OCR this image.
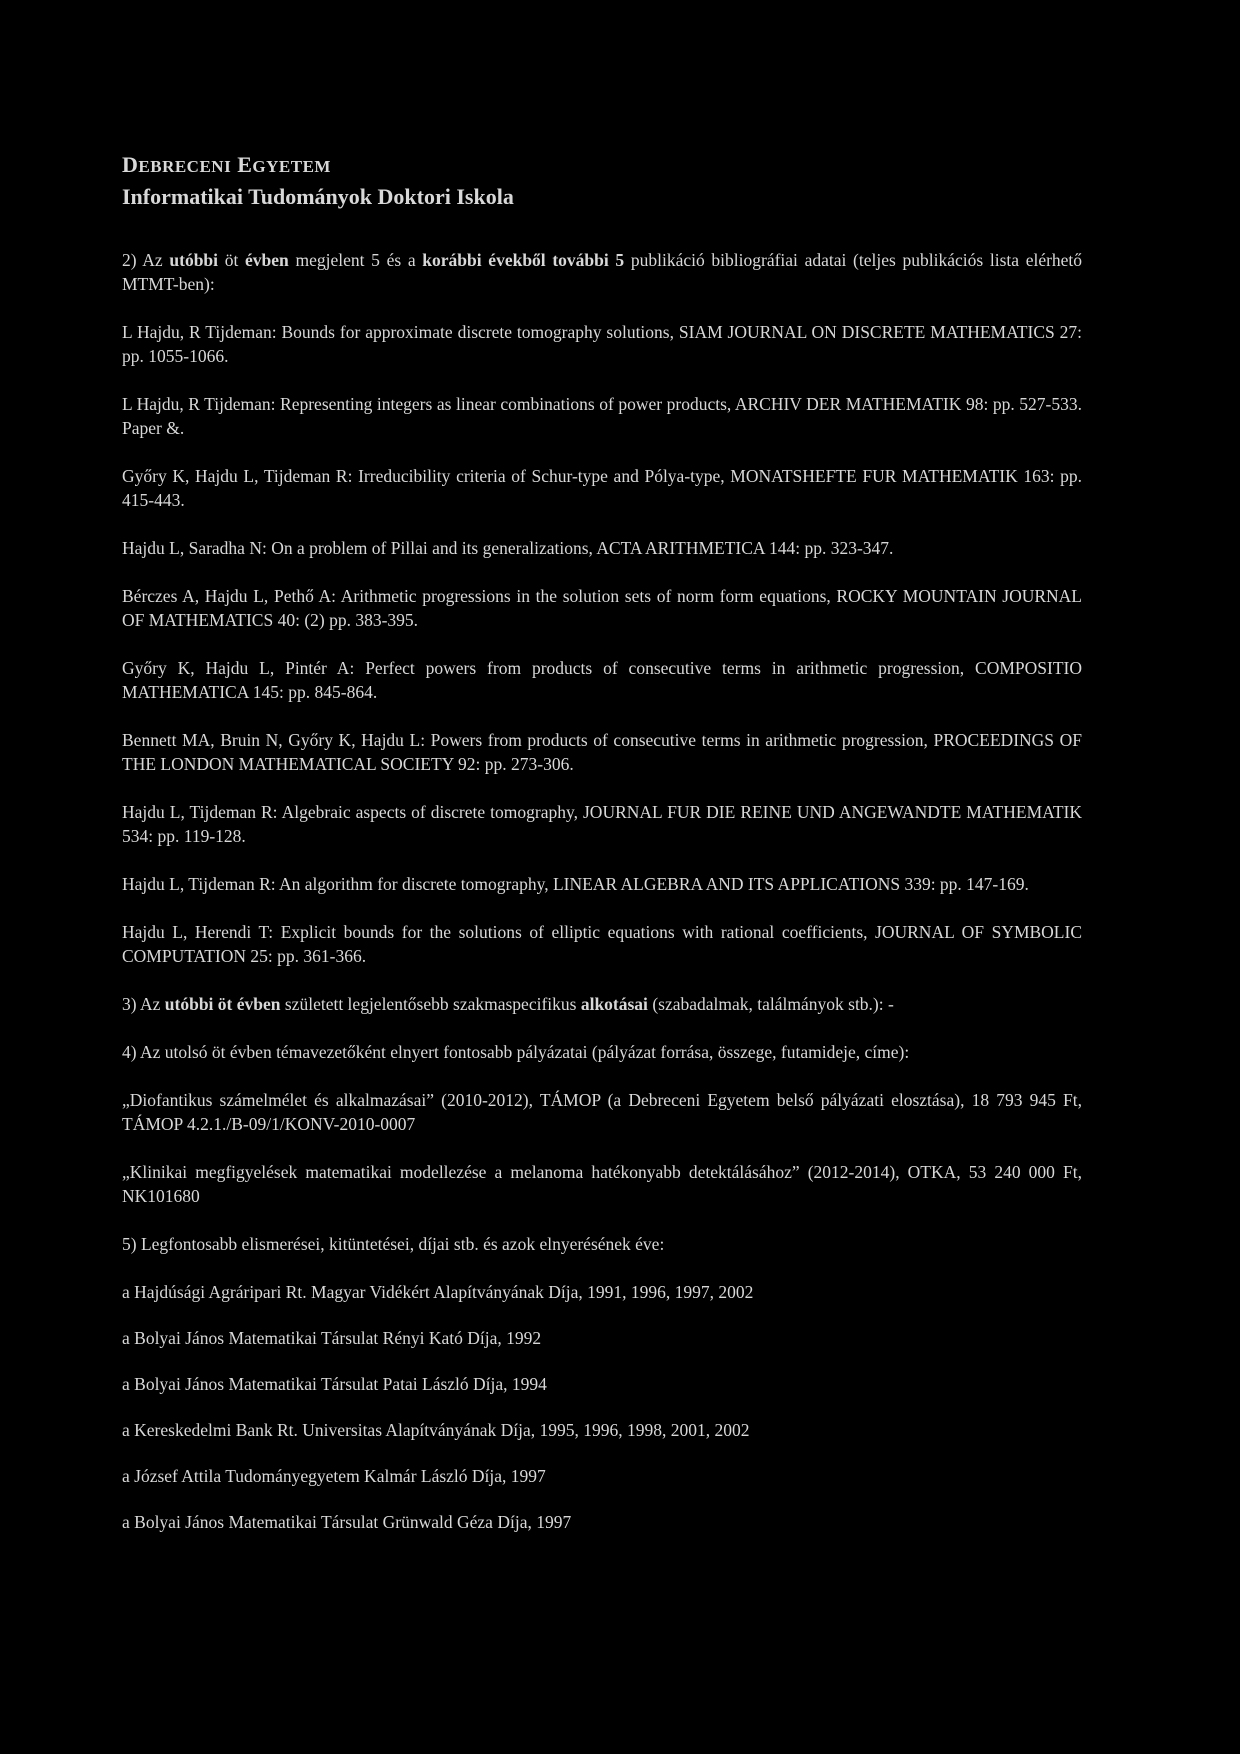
DEBRECENI EGYETEM
Informatikai Tudományok Doktori Iskola

2) Az utóbbi öt évben megjelent 5 és a korábbi évekből további 5 publikáció bibliográfiai adatai (teljes publikációs lista elérhető MTMT-ben):

L Hajdu, R Tijdeman: Bounds for approximate discrete tomography solutions, SIAM JOURNAL ON DISCRETE MATHEMATICS 27: pp. 1055-1066.

L Hajdu, R Tijdeman: Representing integers as linear combinations of power products, ARCHIV DER MATHEMATIK 98: pp. 527-533. Paper &.

Győry K, Hajdu L, Tijdeman R: Irreducibility criteria of Schur-type and Pólya-type, MONATSHEFTE FUR MATHEMATIK 163: pp. 415-443.

Hajdu L, Saradha N: On a problem of Pillai and its generalizations, ACTA ARITHMETICA 144: pp. 323-347.

Bérczes A, Hajdu L, Pethő A: Arithmetic progressions in the solution sets of norm form equations, ROCKY MOUNTAIN JOURNAL OF MATHEMATICS 40: (2) pp. 383-395.

Győry K, Hajdu L, Pintér A: Perfect powers from products of consecutive terms in arithmetic progression, COMPOSITIO MATHEMATICA 145: pp. 845-864.

Bennett MA, Bruin N, Győry K, Hajdu L: Powers from products of consecutive terms in arithmetic progression, PROCEEDINGS OF THE LONDON MATHEMATICAL SOCIETY 92: pp. 273-306.

Hajdu L, Tijdeman R: Algebraic aspects of discrete tomography, JOURNAL FUR DIE REINE UND ANGEWANDTE MATHEMATIK 534: pp. 119-128.

Hajdu L, Tijdeman R: An algorithm for discrete tomography, LINEAR ALGEBRA AND ITS APPLICATIONS 339: pp. 147-169.

Hajdu L, Herendi T: Explicit bounds for the solutions of elliptic equations with rational coefficients, JOURNAL OF SYMBOLIC COMPUTATION 25: pp. 361-366.

3) Az utóbbi öt évben született legjelentősebb szakmaspecifikus alkotásai (szabadalmak, találmányok stb.): -

4) Az utolsó öt évben témavezetőként elnyert fontosabb pályázatai (pályázat forrása, összege, futamideje, címe):

„Diofantikus számelmélet és alkalmazásai” (2010-2012), TÁMOP (a Debreceni Egyetem belső pályázati elosztása), 18 793 945 Ft, TÁMOP 4.2.1./B-09/1/KONV-2010-0007

„Klinikai megfigyelések matematikai modellezése a melanoma hatékonyabb detektálásához” (2012-2014), OTKA, 53 240 000 Ft, NK101680

5) Legfontosabb elismerései, kitüntetései, díjai stb. és azok elnyerésének éve:

a Hajdúsági Agráripari Rt. Magyar Vidékért Alapítványának Díja, 1991, 1996, 1997, 2002

a Bolyai János Matematikai Társulat Rényi Kató Díja, 1992

a Bolyai János Matematikai Társulat Patai László Díja, 1994

a Kereskedelmi Bank Rt. Universitas Alapítványának Díja, 1995, 1996, 1998, 2001, 2002

a József Attila Tudományegyetem Kalmár László Díja, 1997

a Bolyai János Matematikai Társulat Grünwald Géza Díja, 1997
